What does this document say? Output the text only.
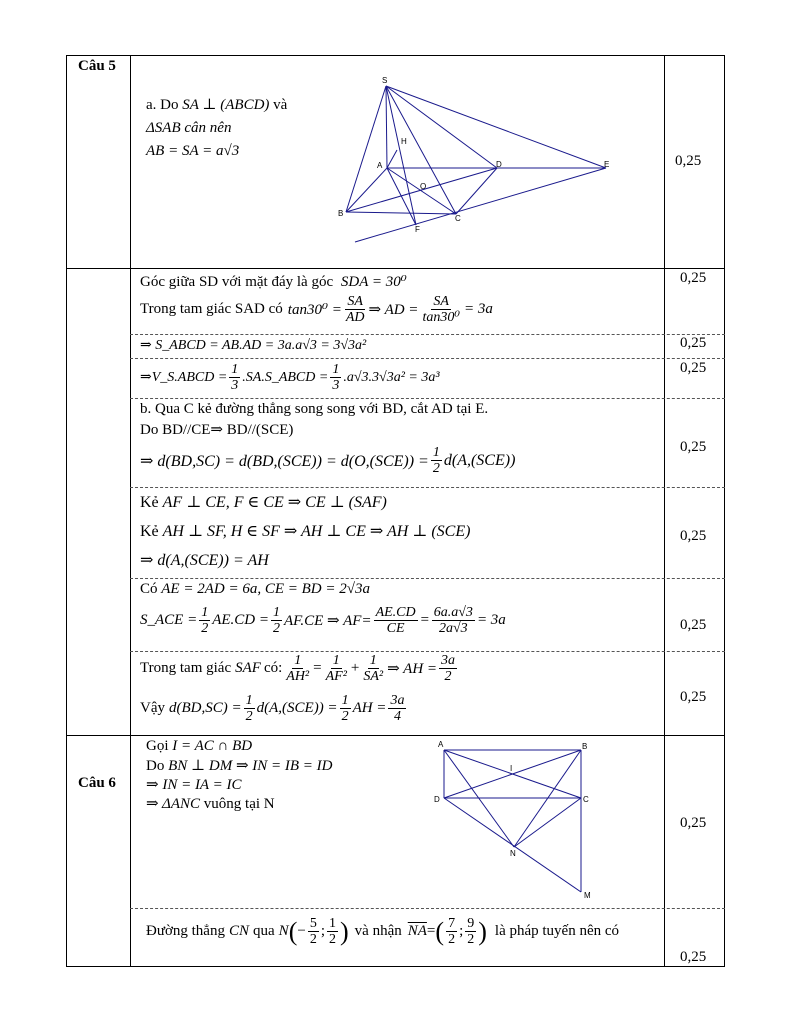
Câu 5
a. Do SA ⊥ (ABCD) và
ΔSAB cân nên
AB = SA = a√3
0,25
S
H
A	D	E
O
B
F
C
Góc giữa SD với mặt đáy là góc SDA = 30⁰
Trong tam giác SAD có $\tan 30^0 = \frac{SA}{AD}$ ⇒ AD = $\frac{SA}{\text{tan30⁰}} = 3a$
0,25
⇒ S_ABCD = AB.AD = 3a.a√3 = 3√3a²	0,25
⇒V_S.ABCD = $\frac{1}{3}$ .SA.S_ABCD = $\frac{1}{3} .a√3.3√3a^2 = 3a^3$
0,25
b. Qua C kẻ đường thẳng song song với BD, cắt AD tại E.
Do BD//CE⇒ BD//(SCE)
⇒ $d(BD,SC) = d(BD,(SCE)) = d(O,(SCE)) = \frac{1}{2} d(A,(SCE))$
0,25
Kẻ AF ⊥ CE, F ∈ CE ⇒ CE ⊥ (SAF)
Kẻ AH ⊥ SF, H ∈ SF ⇒ AH ⊥ CE ⇒ AH ⊥ (SCE)
⇒ d(A,(SCE)) = AH
0,25
Có AE = 2AD = 6a, CE = BD = 2√3a
S_ACE = $\frac{1}{2} AE.CD = \frac{1}{2} AF.CE$ ⇒ $AF= \frac{AE.CD}{CE} = \frac{6a.a√3}{2a√3} = 3a$	0,25
Trong tam giác SAF có: $\frac{1}{\text{AH²}} = \frac{1}{\text{AF²}} + \frac{1}{\text{SA²}}$ ⇒ AH = $\frac{3a}{2}$
Vậy $d(BD,SC) = \frac{1}{2} d(A,(SCE)) = \frac{1}{2}$ AH = $\frac{3a}{4}$	0,25
Câu 6
Gọi I = AC ∩ BD
Do BN ⊥ DM ⇒ IN = IB = ID
⇒ IN = IA = IC
⇒ ΔANC vuông tại N
0,25
A	B
I
D	C
N
M
Đường thẳng CN qua N ( − $\frac{5}{2}$ ; $\frac{1}{2}$ ) và nhận $\overline{NA}$ = ( $\frac{7}{2}$ ; $\frac{9}{2}$ ) là pháp tuyến nên có
0,25
